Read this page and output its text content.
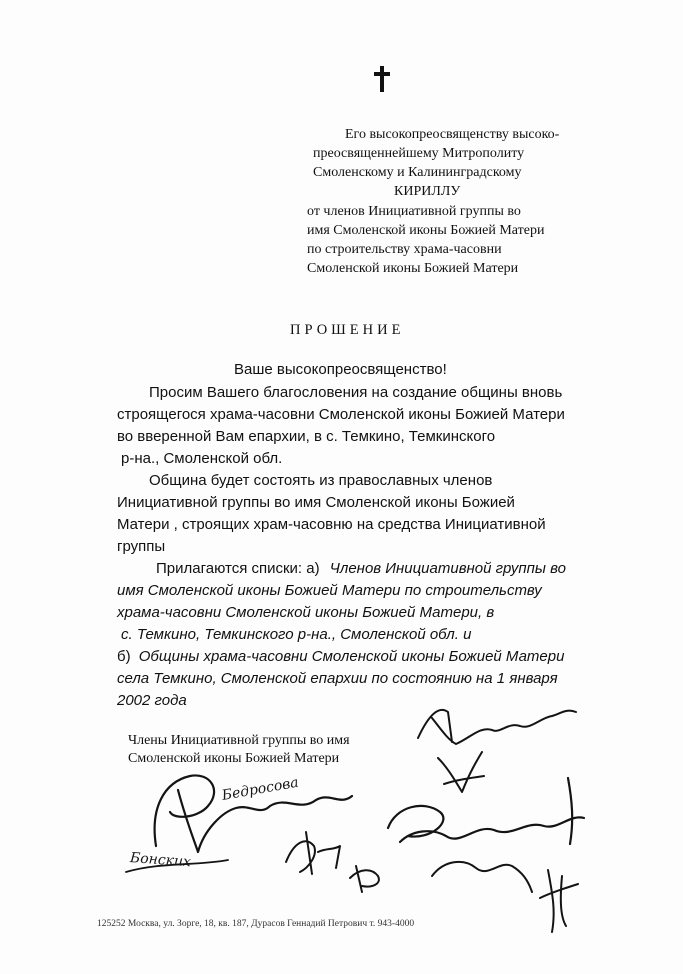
Его высокопреосвященству высоко-
преосвященнейшему Митрополиту
Смоленскому и Калининградскому
КИРИЛЛУ
от членов Инициативной группы во
имя Смоленской иконы Божией Матери
по строительству храма-часовни
Смоленской иконы Божией Матери
ПРОШЕНИЕ
Ваше высокопреосвященство!
Просим Вашего благословения на создание общины вновь
строящегося храма-часовни Смоленской иконы Божией Матери
во вверенной Вам епархии, в с. Темкино, Темкинского
р-на., Смоленской обл.
Община будет состоять из православных членов
Инициативной группы во имя Смоленской иконы Божией
Матери , строящих храм-часовню на средства Инициативной
группы
Прилагаются списки: а) Членов Инициативной группы во
имя Смоленской иконы Божией Матери по строительству
храма-часовни Смоленской иконы Божией Матери, в
с. Темкино, Темкинского р-на., Смоленской обл. и
б) Общины храма-часовни Смоленской иконы Божией Матери
села Темкино, Смоленской епархии по состоянию на 1 января
2002 года
Члены Инициативной группы во имя
Смоленской иконы Божией Матери
Бедросова
Бонских
125252 Москва, ул. Зорге, 18, кв. 187, Дурасов Геннадий Петрович т. 943-4000
